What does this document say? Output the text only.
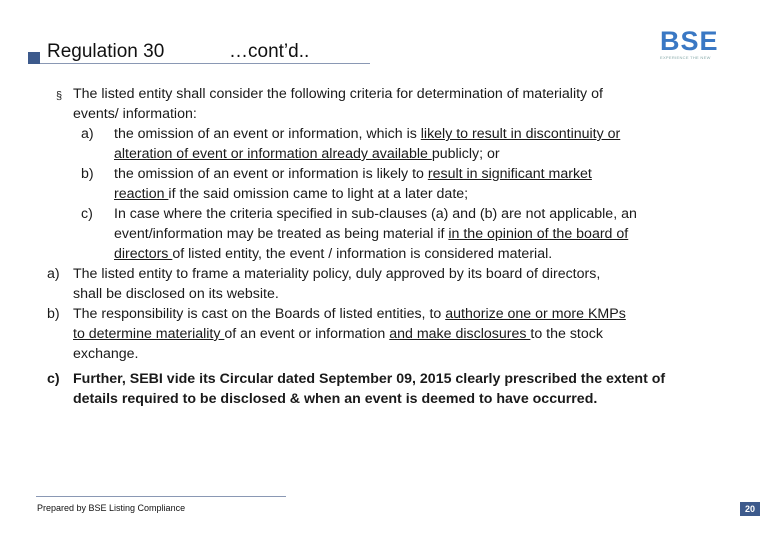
Regulation 30	…cont’d..	BSE
EXPERIENCE THE NEW
§ The listed entity shall consider the following criteria for determination of materiality of
events/ information:
a) the omission of an event or information, which is likely to result in discontinuity or
alteration of event or information already available publicly; or
b) the omission of an event or information is likely to result in significant market
reaction if the said omission came to light at a later date;
c) In case where the criteria specified in sub-clauses (a) and (b) are not applicable, an
event/information may be treated as being material if in the opinion of the board of
directors of listed entity, the event / information is considered material.
a) The listed entity to frame a materiality policy, duly approved by its board of directors,
shall be disclosed on its website.
b) The responsibility is cast on the Boards of listed entities, to authorize one or more KMPs
to determine materiality of an event or information and make disclosures to the stock
exchange.
c) Further, SEBI vide its Circular dated September 09, 2015 clearly prescribed the extent of
details required to be disclosed & when an event is deemed to have occurred.
Prepared by BSE Listing Compliance	20
